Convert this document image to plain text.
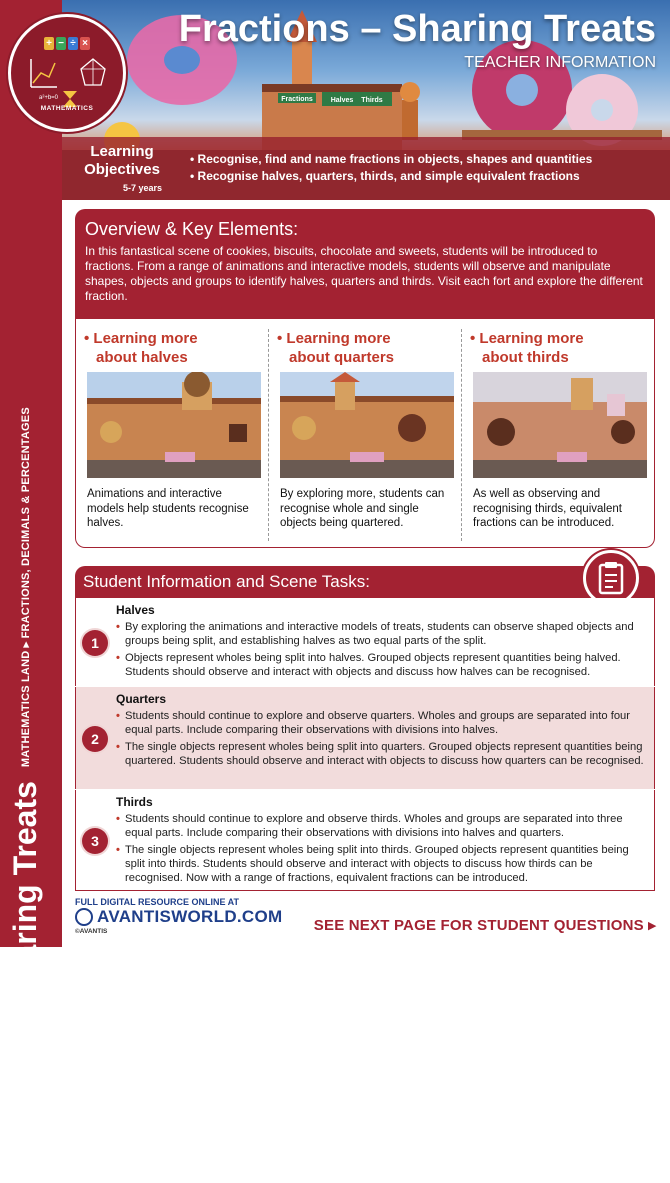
Fractions – Sharing Treats
MATHEMATICS LAND ▸ FRACTIONS, DECIMALS & PERCENTAGES
Fractions	Halves Thirds
Fractions – Sharing Treats
TEACHER INFORMATION
Learning Objectives
5-7 years
• Recognise, find and name fractions in objects, shapes and quantities
• Recognise halves, quarters, thirds, and simple equivalent fractions
+ − ÷ ×
a²+b=0
MATHEMATICS
Overview & Key Elements:
In this fantastical scene of cookies, biscuits, chocolate and sweets, students will be introduced to fractions. From a range of animations and interactive models, students will observe and manipulate shapes, objects and groups to identify halves, quarters and thirds. Visit each fort and explore the different fraction.
• Learning more
about halves
Animations and interactive models help students recognise halves.
• Learning more
about quarters
By exploring more, students can recognise whole and single objects being quartered.
• Learning more
about thirds
As well as observing and recognising thirds, equivalent fractions can be introduced.
Student Information and Scene Tasks:
1
Halves
• By exploring the animations and interactive models of treats, students can observe shaped objects and groups being split, and establishing halves as two equal parts of the split.
• Objects represent wholes being split into halves. Grouped objects represent quantities being halved. Students should observe and interact with objects and discuss how halves can be recognised.
2
Quarters
• Students should continue to explore and observe quarters. Wholes and groups are separated into four equal parts. Include comparing their observations with divisions into halves.
• The single objects represent wholes being split into quarters. Grouped objects represent quantities being quartered. Students should observe and interact with objects to discuss how quarters can be recognised.
3
Thirds
• Students should continue to explore and observe thirds. Wholes and groups are separated into three equal parts. Include comparing their observations with divisions into halves and quarters.
• The single objects represent wholes being split into thirds. Grouped objects represent quantities being split into thirds. Students should observe and interact with objects to discuss how thirds can be recognised. Now with a range of fractions, equivalent fractions can be introduced.
FULL DIGITAL RESOURCE ONLINE AT
AVANTISWORLD.COM
©AVANTIS	SEE NEXT PAGE FOR STUDENT QUESTIONS ▸
